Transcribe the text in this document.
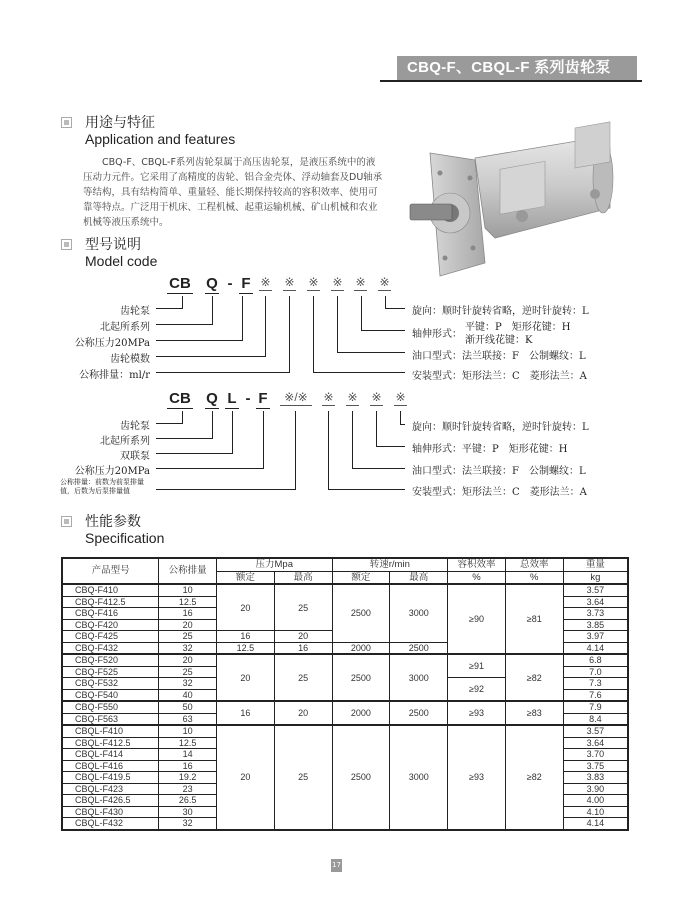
CBQ-F、CBQL-F 系列齿轮泵
用途与特征
Application and features

CBQ-F、CBQL-F系列齿轮泵属于高压齿轮泵，是液压系统中的液压动力元件。它采用了高精度的齿轮、铝合金壳体、浮动轴套及DU轴承等结构，具有结构简单、重量轻、能长期保持较高的容积效率、使用可靠等特点。广泛用于机床、工程机械、起重运输机械、矿山机械和农业机械等液压系统中。

型号说明
Model code
CB Q - F ※ ※ ※ ※ ※ ※
齿轮泵
北起所系列
公称压力20MPa
齿轮模数
公称排量：ml/r
旋向：顺时针旋转省略，逆时针旋转：L
轴伸形式：
平键：P　矩形花键：H
渐开线花键：K
油口型式：法兰联接：F　公制螺纹：L
安装型式：矩形法兰：C　菱形法兰：A
CB Q L - F	※/※	※ ※ ※ ※
齿轮泵
北起所系列
双联泵
公称压力20MPa
公称排量：前数为前泵排量
值，后数为后泵排量值
旋向：顺时针旋转省略，逆时针旋转：L
轴伸形式：平键：P　矩形花键：H
油口型式：法兰联接：F　公制螺纹：L
安装型式：矩形法兰：C　菱形法兰：A
性能参数
Specification
产品型号	公称排量	压力Mpa		转速r/min		容积效率	总效率	重量
		额定	最高	额定	最高	%	%	kg
CBQ-F410	10	20	25	2500	3000	≥90	≥81	3.57
CBQ-F412.5	12.5							3.64
CBQ-F416	16							3.73
CBQ-F420	20							3.85
CBQ-F425	25	16	20					3.97
CBQ-F432	32	12.5	16	2000	2500			4.14
CBQ-F520	20	20	25	2500	3000	≥91	≥82	6.8
CBQ-F525	25							7.0
CBQ-F532	32					≥92		7.3
CBQ-F540	40							7.6
CBQ-F550	50	16	20	2000	2500	≥93	≥83	7.9
CBQ-F563	63							8.4
CBQL-F410	10	20	25	2500	3000	≥93	≥82	3.57
CBQL-F412.5	12.5							3.64
CBQL-F414	14							3.70
CBQL-F416	16							3.75
CBQL-F419.5	19.2							3.83
CBQL-F423	23							3.90
CBQL-F426.5	26.5							4.00
CBQL-F430	30							4.10
CBQL-F432	32							4.14
17
